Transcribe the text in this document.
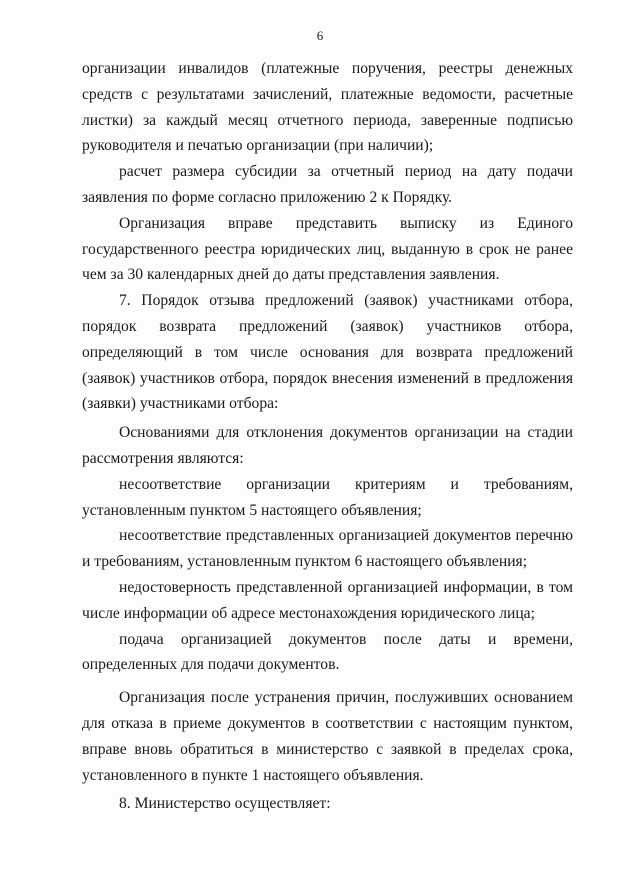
6

организации инвалидов (платежные поручения, реестры денежных средств с результатами зачислений, платежные ведомости, расчетные листки) за каждый месяц отчетного периода, заверенные подписью руководителя и печатью организации (при наличии);

расчет размера субсидии за отчетный период на дату подачи заявления по форме согласно приложению 2 к Порядку.

Организация вправе представить выписку из Единого государственного реестра юридических лиц, выданную в срок не ранее чем за 30 календарных дней до даты представления заявления.

7. Порядок отзыва предложений (заявок) участниками отбора, порядок возврата предложений (заявок) участников отбора, определяющий в том числе основания для возврата предложений (заявок) участников отбора, порядок внесения изменений в предложения (заявки) участниками отбора:

Основаниями для отклонения документов организации на стадии рассмотрения являются:

несоответствие организации критериям и требованиям, установленным пунктом 5 настоящего объявления;

несоответствие представленных организацией документов перечню и требованиям, установленным пунктом 6 настоящего объявления;

недостоверность представленной организацией информации, в том числе информации об адресе местонахождения юридического лица;

подача организацией документов после даты и времени, определенных для подачи документов.

Организация после устранения причин, послуживших основанием для отказа в приеме документов в соответствии с настоящим пунктом, вправе вновь обратиться в министерство с заявкой в пределах срока, установленного в пункте 1 настоящего объявления.

8. Министерство осуществляет:
